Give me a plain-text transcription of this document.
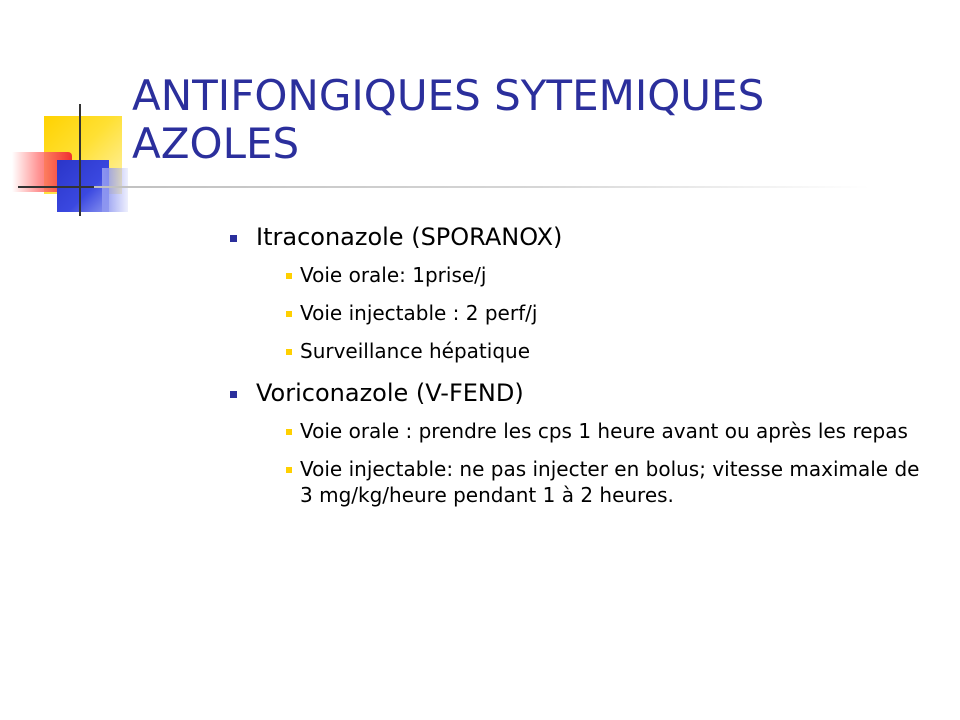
ANTIFONGIQUES SYTEMIQUES
AZOLES
Itraconazole (SPORANOX)
Voie orale: 1prise/j
Voie injectable : 2 perf/j
Surveillance hépatique
Voriconazole (V-FEND)
Voie orale : prendre les cps 1 heure avant ou après les repas
Voie injectable: ne pas injecter en bolus; vitesse maximale de 3 mg/kg/heure pendant 1 à 2 heures.
